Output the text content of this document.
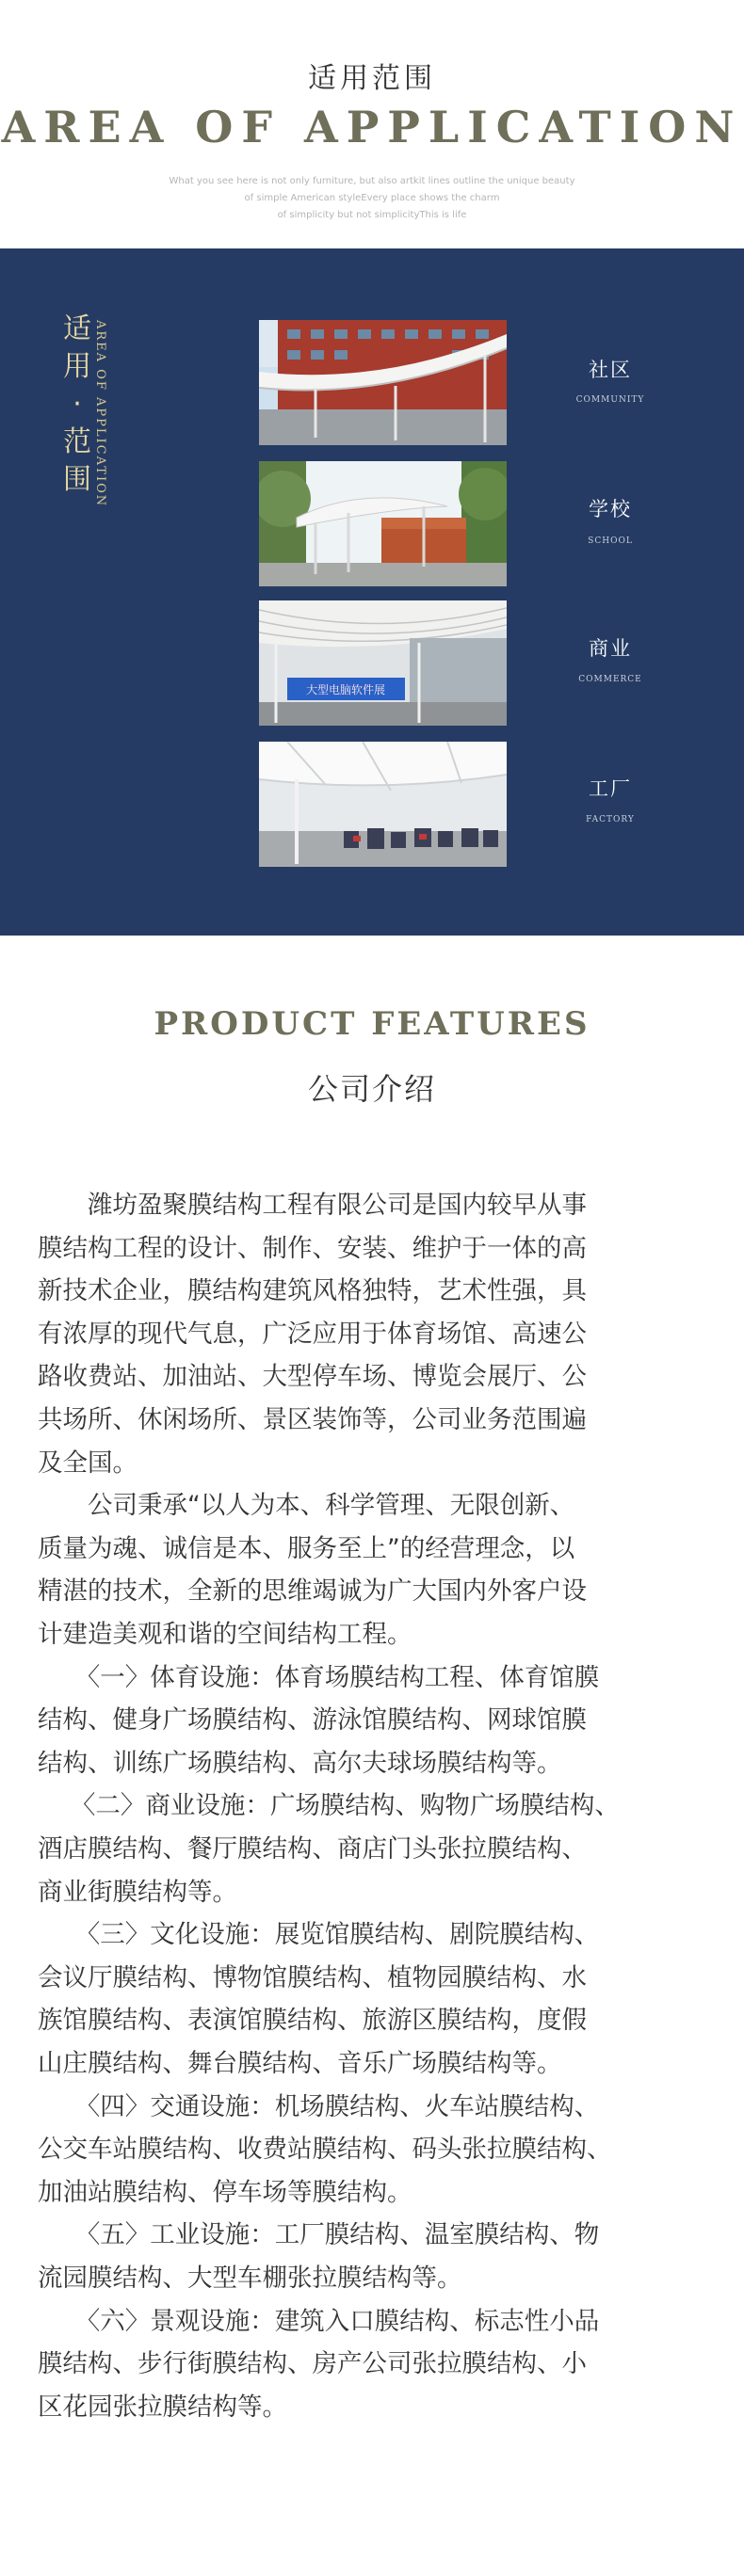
适用范围
AREA OF APPLICATION
What you see here is not only furniture, but also artkit lines outline the unique beauty
of simple American styleEvery place shows the charm
of simplicity but not simplicityThis is life
适
用
·
范
围 AREA OF APPLICATION	社区
COMMUNITY
学校
SCHOOL
大型电脑软件展
商业
COMMERCE
工厂
FACTORY
PRODUCT FEATURES
公司介绍
　　潍坊盈聚膜结构工程有限公司是国内较早从事
膜结构工程的设计、制作、安装、维护于一体的高
新技术企业，膜结构建筑风格独特，艺术性强，具
有浓厚的现代气息，广泛应用于体育场馆、高速公
路收费站、加油站、大型停车场、博览会展厅、公
共场所、休闲场所、景区装饰等，公司业务范围遍
及全国。
　　公司秉承“以人为本、科学管理、无限创新、
质量为魂、诚信是本、服务至上”的经营理念，以
精湛的技术，全新的思维竭诚为广大国内外客户设
计建造美观和谐的空间结构工程。
　　〈一〉体育设施：体育场膜结构工程、体育馆膜
结构、健身广场膜结构、游泳馆膜结构、网球馆膜
结构、训练广场膜结构、高尔夫球场膜结构等。
　 〈二〉商业设施：广场膜结构、购物广场膜结构、
酒店膜结构、餐厅膜结构、商店门头张拉膜结构、
商业街膜结构等。
　　〈三〉文化设施：展览馆膜结构、剧院膜结构、
会议厅膜结构、博物馆膜结构、植物园膜结构、水
族馆膜结构、表演馆膜结构、旅游区膜结构，度假
山庄膜结构、舞台膜结构、音乐广场膜结构等。
　　〈四〉交通设施：机场膜结构、火车站膜结构、
公交车站膜结构、收费站膜结构、码头张拉膜结构、
加油站膜结构、停车场等膜结构。
　　〈五〉工业设施：工厂膜结构、温室膜结构、物
流园膜结构、大型车棚张拉膜结构等。
　　〈六〉景观设施：建筑入口膜结构、标志性小品
膜结构、步行街膜结构、房产公司张拉膜结构、小
区花园张拉膜结构等。
